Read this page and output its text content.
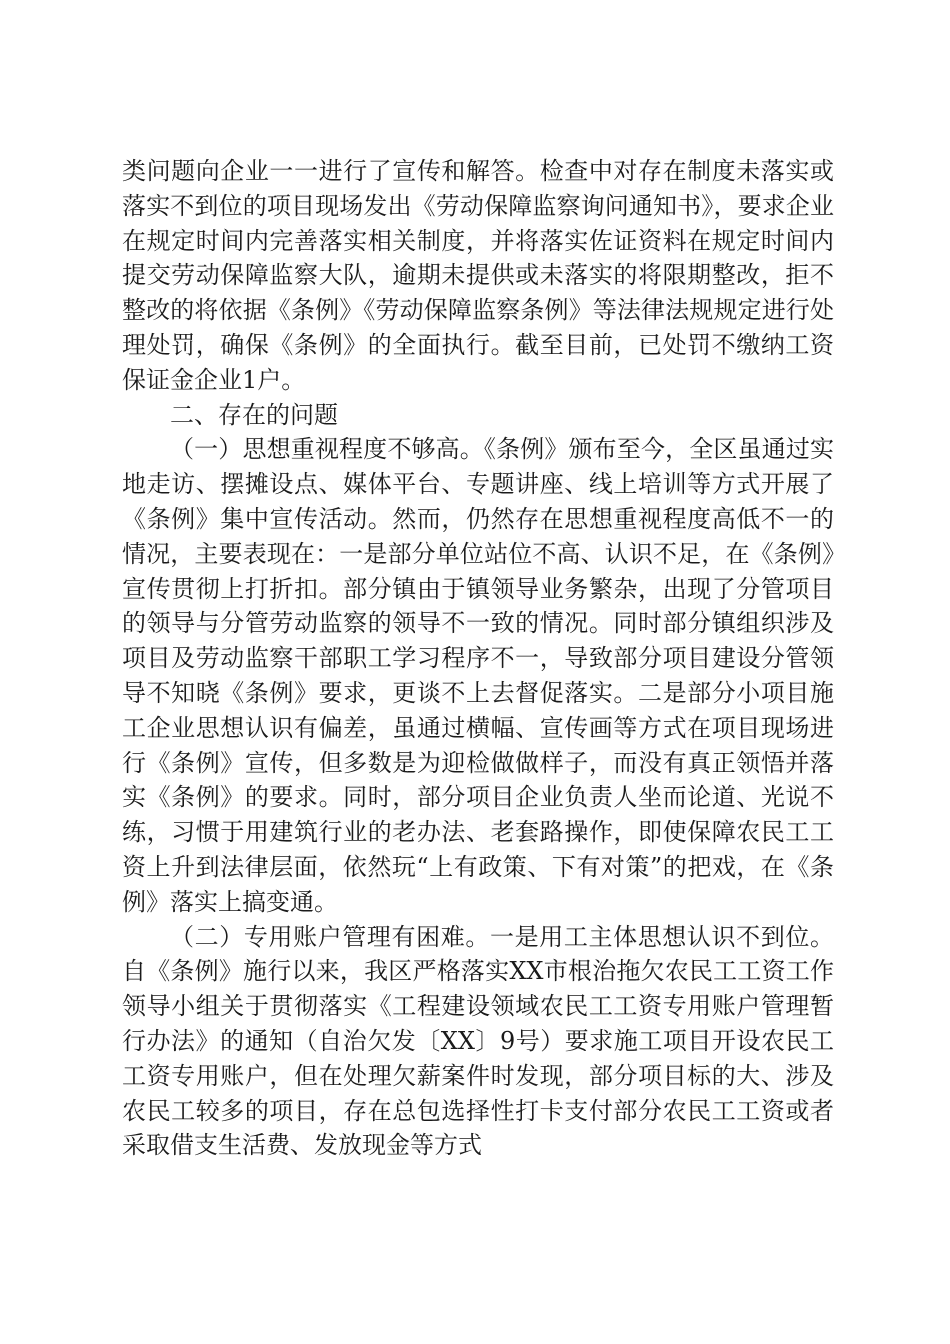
类问题向企业一一进行了宣传和解答。检查中对存在制度未落实或落实不到位的项目现场发出《劳动保障监察询问通知书》，要求企业在规定时间内完善落实相关制度，并将落实佐证资料在规定时间内提交劳动保障监察大队，逾期未提供或未落实的将限期整改，拒不整改的将依据《条例》《劳动保障监察条例》等法律法规规定进行处理处罚，确保《条例》的全面执行。截至目前，已处罚不缴纳工资保证金企业1户。

二、存在的问题

（一）思想重视程度不够高。《条例》颁布至今，全区虽通过实地走访、摆摊设点、媒体平台、专题讲座、线上培训等方式开展了《条例》集中宣传活动。然而，仍然存在思想重视程度高低不一的情况，主要表现在：一是部分单位站位不高、认识不足，在《条例》宣传贯彻上打折扣。部分镇由于镇领导业务繁杂，出现了分管项目的领导与分管劳动监察的领导不一致的情况。同时部分镇组织涉及项目及劳动监察干部职工学习程序不一，导致部分项目建设分管领导不知晓《条例》要求，更谈不上去督促落实。二是部分小项目施工企业思想认识有偏差，虽通过横幅、宣传画等方式在项目现场进行《条例》宣传，但多数是为迎检做做样子，而没有真正领悟并落实《条例》的要求。同时，部分项目企业负责人坐而论道、光说不练，习惯于用建筑行业的老办法、老套路操作，即使保障农民工工资上升到法律层面，依然玩“上有政策、下有对策”的把戏，在《条例》落实上搞变通。

（二）专用账户管理有困难。一是用工主体思想认识不到位。自《条例》施行以来，我区严格落实XX市根治拖欠农民工工资工作领导小组关于贯彻落实《工程建设领域农民工工资专用账户管理暂行办法》的通知（自治欠发〔XX〕9号）要求施工项目开设农民工工资专用账户，但在处理欠薪案件时发现，部分项目标的大、涉及农民工较多的项目，存在总包选择性打卡支付部分农民工工资或者采取借支生活费、发放现金等方式
